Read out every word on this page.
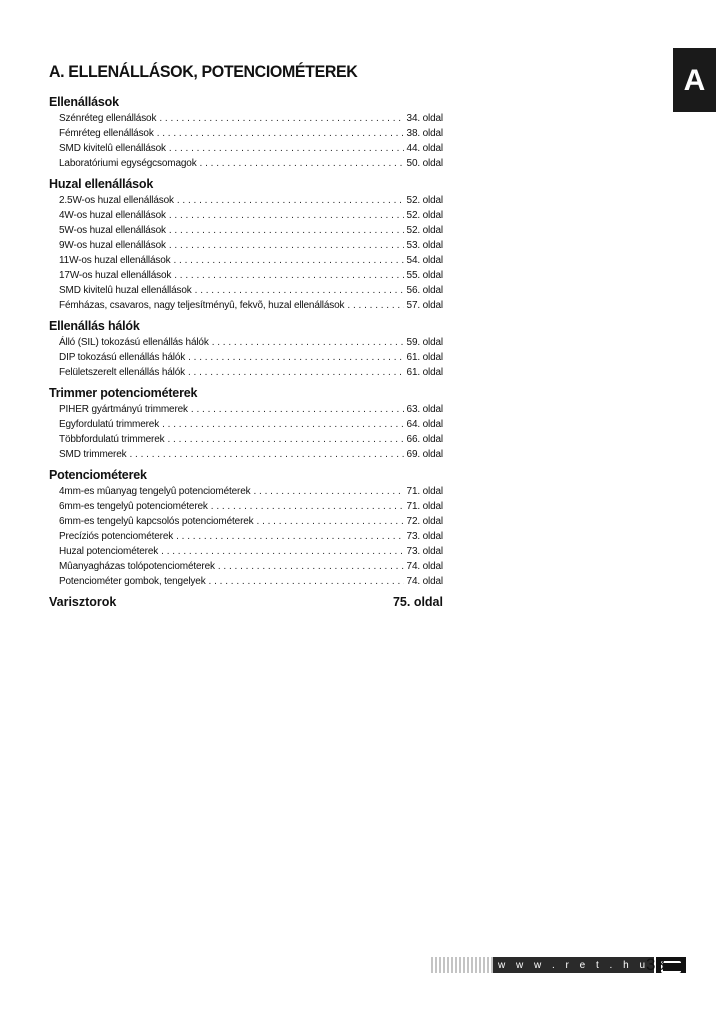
A. ELLENÁLLÁSOK, POTENCIOMÉTEREK	A
Ellenállások
Szénréteg ellenállások . . .	34. oldal
Fémréteg ellenállások . . .	38. oldal
SMD kivitelû ellenállások . . .	44. oldal
Laboratóriumi egységcsomagok . . .	50. oldal
Huzal ellenállások
2.5W-os huzal ellenállások . . .	52. oldal
4W-os huzal ellenállások . . .	52. oldal
5W-os huzal ellenállások . . .	52. oldal
9W-os huzal ellenállások . . .	53. oldal
11W-os huzal ellenállások . . .	54. oldal
17W-os huzal ellenállások . . .	55. oldal
SMD kivitelû huzal ellenállások . . .	56. oldal
Fémházas, csavaros, nagy teljesítményû, fekvõ, huzal ellenállások . . .	57. oldal
Ellenállás hálók
Álló (SIL) tokozású ellenállás hálók . . .	59. oldal
DIP tokozású ellenállás hálók . . .	61. oldal
Felületszerelt ellenállás hálók . . .	61. oldal
Trimmer potenciométerek
PIHER gyártmányú trimmerek . . .	63. oldal
Egyfordulatú trimmerek . . .	64. oldal
Többfordulatú trimmerek . . .	66. oldal
SMD trimmerek . . .	69. oldal
Potenciométerek
4mm-es mûanyag tengelyû potenciométerek . . .	71. oldal
6mm-es tengelyû potenciométerek . . .	71. oldal
6mm-es tengelyû kapcsolós potenciométerek . . .	72. oldal
Precíziós potenciométerek . . .	73. oldal
Huzal potenciométerek . . .	73. oldal
Mûanyagházas tolópotenciométerek . . .	74. oldal
Potenciométer gombok, tengelyek . . .	74. oldal
Varisztorok	75. oldal
w w w . r e t . h u
33
